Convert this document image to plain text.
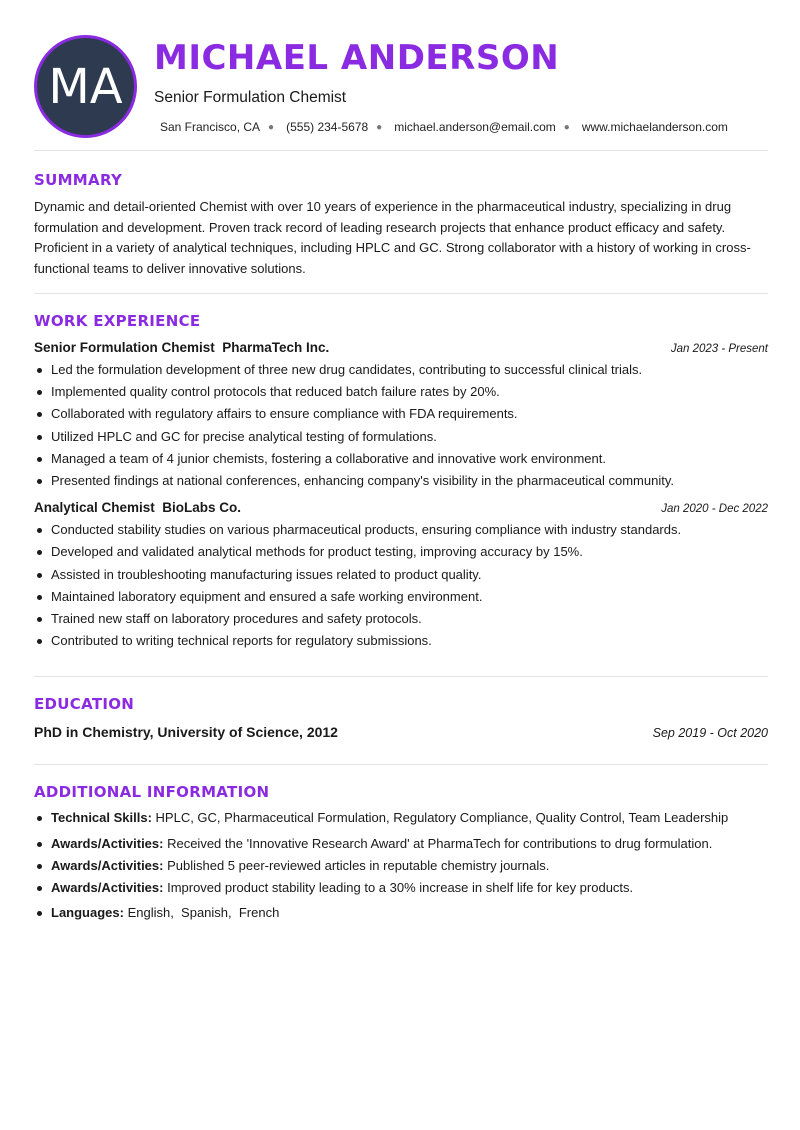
MA
MICHAEL ANDERSON
Senior Formulation Chemist
San Francisco, CA ● (555) 234-5678 ● michael.anderson@email.com ● www.michaelanderson.com
SUMMARY

Dynamic and detail-oriented Chemist with over 10 years of experience in the pharmaceutical industry, specializing in drug formulation and development. Proven track record of leading research projects that enhance product efficacy and safety. Proficient in a variety of analytical techniques, including HPLC and GC. Strong collaborator with a history of working in cross-functional teams to deliver innovative solutions.

WORK EXPERIENCE
Senior Formulation Chemist  PharmaTech Inc.	Jan 2023 - Present
Led the formulation development of three new drug candidates, contributing to successful clinical trials.
Implemented quality control protocols that reduced batch failure rates by 20%.
Collaborated with regulatory affairs to ensure compliance with FDA requirements.
Utilized HPLC and GC for precise analytical testing of formulations.
Managed a team of 4 junior chemists, fostering a collaborative and innovative work environment.
Presented findings at national conferences, enhancing company's visibility in the pharmaceutical community.
Analytical Chemist  BioLabs Co.	Jan 2020 - Dec 2022
Conducted stability studies on various pharmaceutical products, ensuring compliance with industry standards.
Developed and validated analytical methods for product testing, improving accuracy by 15%.
Assisted in troubleshooting manufacturing issues related to product quality.
Maintained laboratory equipment and ensured a safe working environment.
Trained new staff on laboratory procedures and safety protocols.
Contributed to writing technical reports for regulatory submissions.
EDUCATION
PhD in Chemistry, University of Science, 2012	Sep 2019 - Oct 2020
ADDITIONAL INFORMATION
Technical Skills: HPLC, GC, Pharmaceutical Formulation, Regulatory Compliance, Quality Control, Team Leadership
Awards/Activities: Received the 'Innovative Research Award' at PharmaTech for contributions to drug formulation.
Awards/Activities: Published 5 peer-reviewed articles in reputable chemistry journals.
Awards/Activities: Improved product stability leading to a 30% increase in shelf life for key products.
Languages: English,  Spanish,  French
